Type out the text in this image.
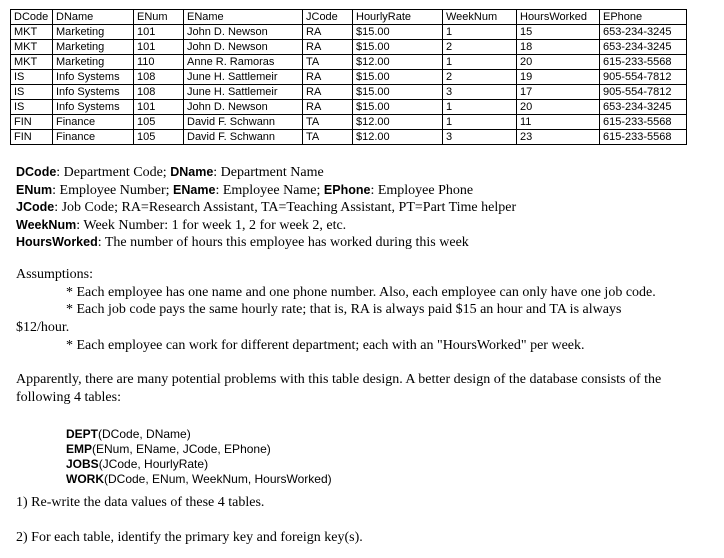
DCode	DName	ENum	EName	JCode	HourlyRate	WeekNum	HoursWorked	EPhone
MKT	Marketing	101	John D. Newson	RA	$15.00	1	15	653-234-3245
MKT	Marketing	101	John D. Newson	RA	$15.00	2	18	653-234-3245
MKT	Marketing	110	Anne R. Ramoras	TA	$12.00	1	20	615-233-5568
IS	Info Systems	108	June H. Sattlemeir	RA	$15.00	2	19	905-554-7812
IS	Info Systems	108	June H. Sattlemeir	RA	$15.00	3	17	905-554-7812
IS	Info Systems	101	John D. Newson	RA	$15.00	1	20	653-234-3245
FIN	Finance	105	David F. Schwann	TA	$12.00	1	11	615-233-5568
FIN	Finance	105	David F. Schwann	TA	$12.00	3	23	615-233-5568
DCode: Department Code; DName: Department Name
ENum: Employee Number; EName: Employee Name; EPhone: Employee Phone
JCode: Job Code; RA=Research Assistant, TA=Teaching Assistant, PT=Part Time helper
WeekNum: Week Number: 1 for week 1, 2 for week 2, etc.
HoursWorked: The number of hours this employee has worked during this week
Assumptions:
* Each employee has one name and one phone number. Also, each employee can only have one job code.
* Each job code pays the same hourly rate; that is, RA is always paid $15 an hour and TA is always
$12/hour.
* Each employee can work for different department; each with an "HoursWorked" per week.
Apparently, there are many potential problems with this table design. A better design of the database consists of the following 4 tables:
DEPT(DCode, DName)
EMP(ENum, EName, JCode, EPhone)
JOBS(JCode, HourlyRate)
WORK(DCode, ENum, WeekNum, HoursWorked)
1) Re-write the data values of these 4 tables.
2) For each table, identify the primary key and foreign key(s).
